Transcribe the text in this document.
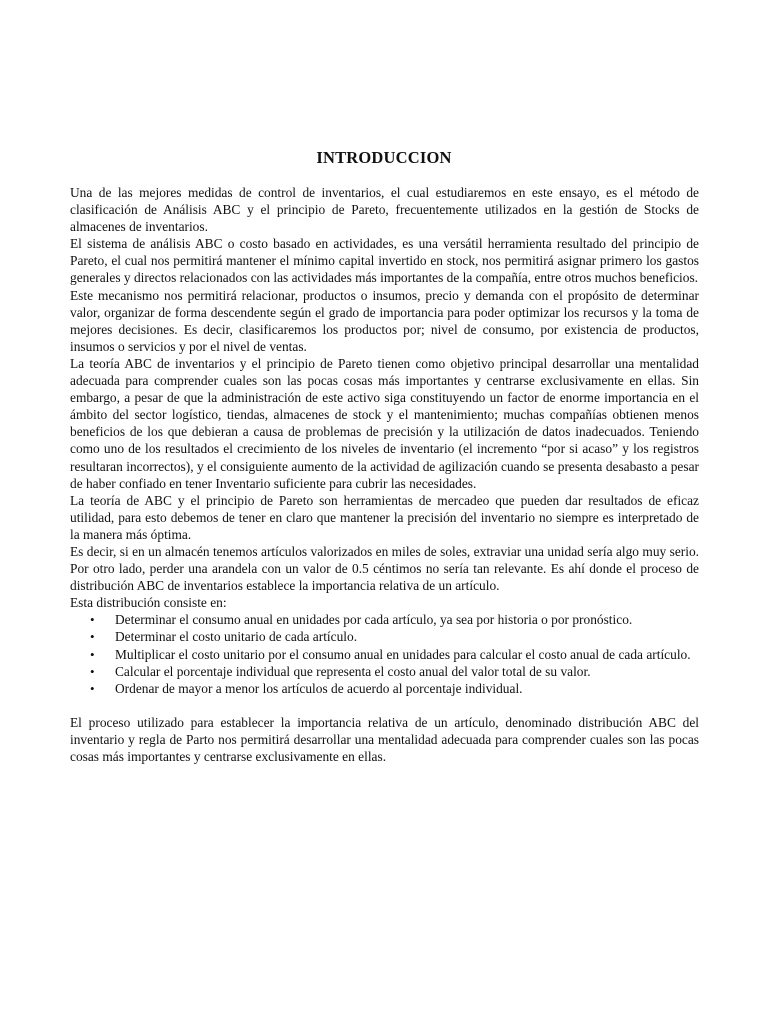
INTRODUCCION

Una de las mejores medidas de control de inventarios, el cual estudiaremos en este ensayo, es el método de clasificación de Análisis ABC y el principio de Pareto, frecuentemente utilizados en la gestión de Stocks de almacenes de inventarios.

El sistema de análisis ABC o costo basado en actividades, es una versátil herramienta resultado del principio de Pareto, el cual nos permitirá mantener el mínimo capital invertido en stock, nos permitirá asignar primero los gastos generales y directos relacionados con las actividades más importantes de la compañía, entre otros muchos beneficios.

Este mecanismo nos permitirá relacionar, productos o insumos, precio y demanda con el propósito de determinar valor, organizar de forma descendente según el grado de importancia para poder optimizar los recursos y la toma de mejores decisiones. Es decir, clasificaremos los productos por; nivel de consumo, por existencia de productos, insumos o servicios y por el nivel de ventas.

La teoría ABC de inventarios y el principio de Pareto tienen como objetivo principal desarrollar una mentalidad adecuada para comprender cuales son las pocas cosas más importantes y centrarse exclusivamente en ellas. Sin embargo, a pesar de que la administración de este activo siga constituyendo un factor de enorme importancia en el ámbito del sector logístico, tiendas, almacenes de stock y el mantenimiento; muchas compañías obtienen menos beneficios de los que debieran a causa de problemas de precisión y la utilización de datos inadecuados. Teniendo como uno de los resultados el crecimiento de los niveles de inventario (el incremento “por si acaso” y los registros resultaran incorrectos), y el consiguiente aumento de la actividad de agilización cuando se presenta desabasto a pesar de haber confiado en tener Inventario suficiente para cubrir las necesidades.

La teoría de ABC y el principio de Pareto son herramientas de mercadeo que pueden dar resultados de eficaz utilidad, para esto debemos de tener en claro que mantener la precisión del inventario no siempre es interpretado de la manera más óptima.

Es decir, si en un almacén tenemos artículos valorizados en miles de soles, extraviar una unidad sería algo muy serio. Por otro lado, perder una arandela con un valor de 0.5 céntimos no sería tan relevante. Es ahí donde el proceso de distribución ABC de inventarios establece la importancia relativa de un artículo.

Esta distribución consiste en:

• Determinar el consumo anual en unidades por cada artículo, ya sea por historia o por pronóstico.
• Determinar el costo unitario de cada artículo.
• Multiplicar el costo unitario por el consumo anual en unidades para calcular el costo anual de cada artículo.
• Calcular el porcentaje individual que representa el costo anual del valor total de su valor.
• Ordenar de mayor a menor los artículos de acuerdo al porcentaje individual.

El proceso utilizado para establecer la importancia relativa de un artículo, denominado distribución ABC del inventario y regla de Parto nos permitirá desarrollar una mentalidad adecuada para comprender cuales son las pocas cosas más importantes y centrarse exclusivamente en ellas.
